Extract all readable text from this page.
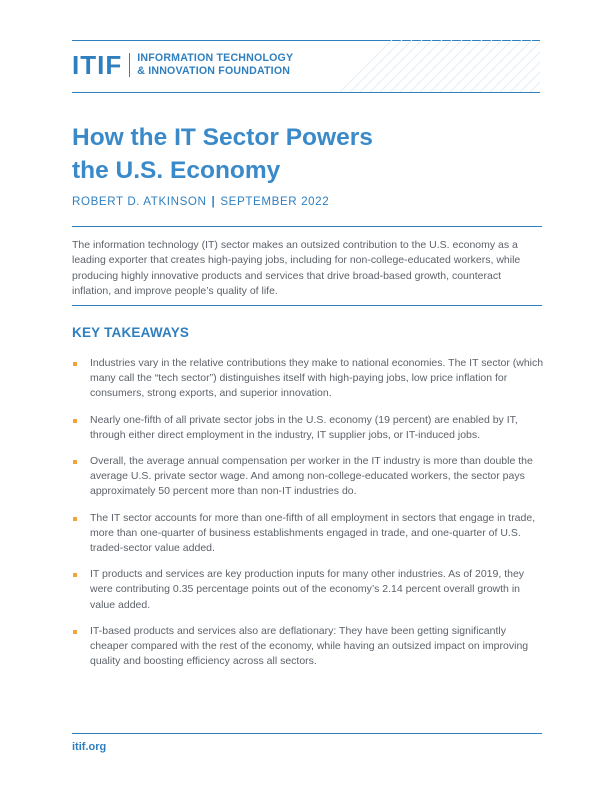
ITIF INFORMATION TECHNOLOGY
& INNOVATION FOUNDATION
How the IT Sector Powers
the U.S. Economy
ROBERT D. ATKINSON | SEPTEMBER 2022

The information technology (IT) sector makes an outsized contribution to the U.S. economy as a leading exporter that creates high-paying jobs, including for non-college-educated workers, while producing highly innovative products and services that drive broad-based growth, counteract inflation, and improve people’s quality of life.

KEY TAKEAWAYS
Industries vary in the relative contributions they make to national economies. The IT sector (which many call the “tech sector”) distinguishes itself with high-paying jobs, low price inflation for consumers, strong exports, and superior innovation.
Nearly one-fifth of all private sector jobs in the U.S. economy (19 percent) are enabled by IT, through either direct employment in the industry, IT supplier jobs, or IT-induced jobs.
Overall, the average annual compensation per worker in the IT industry is more than double the average U.S. private sector wage. And among non-college-educated workers, the sector pays approximately 50 percent more than non-IT industries do.
The IT sector accounts for more than one-fifth of all employment in sectors that engage in trade, more than one-quarter of business establishments engaged in trade, and one-quarter of U.S. traded-sector value added.
IT products and services are key production inputs for many other industries. As of 2019, they were contributing 0.35 percentage points out of the economy’s 2.14 percent overall growth in value added.
IT-based products and services also are deflationary: They have been getting significantly cheaper compared with the rest of the economy, while having an outsized impact on improving quality and boosting efficiency across all sectors.
itif.org
